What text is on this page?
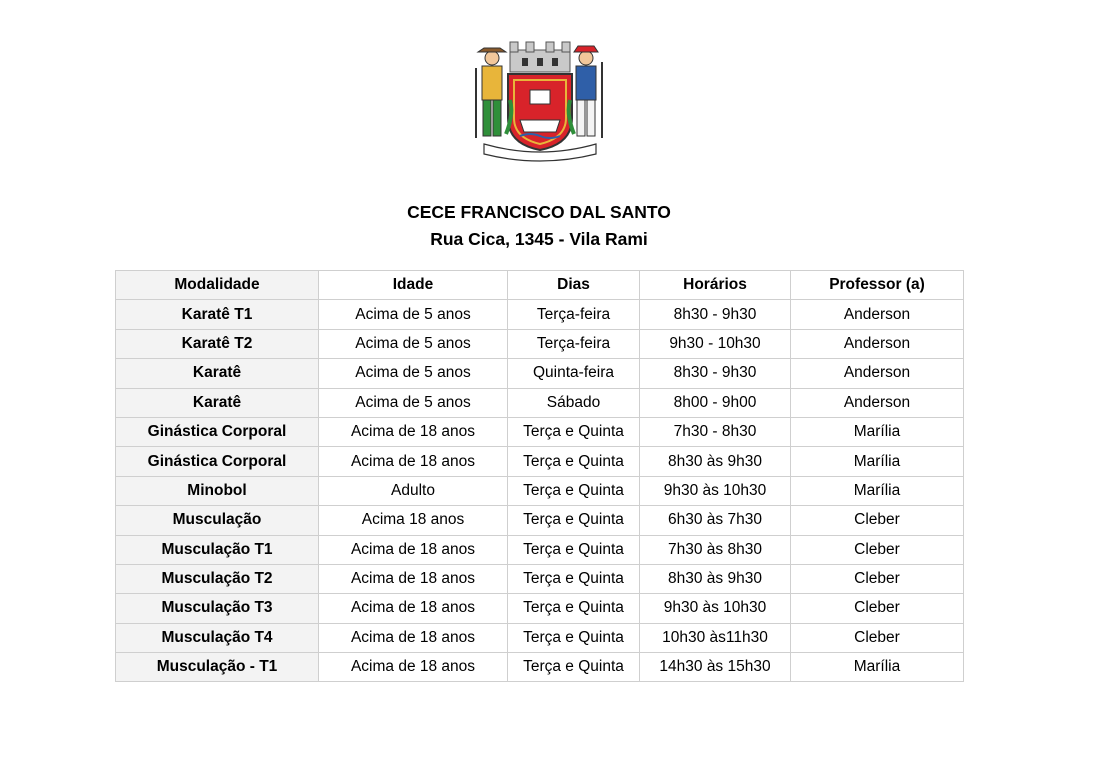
CECE FRANCISCO DAL SANTO

Rua Cica, 1345 - Vila Rami

Modalidade	Idade	Dias	Horários	Professor (a)
Karatê T1	Acima de 5 anos	Terça-feira	8h30 - 9h30	Anderson
Karatê T2	Acima de 5 anos	Terça-feira	9h30 - 10h30	Anderson
Karatê	Acima de 5 anos	Quinta-feira	8h30 - 9h30	Anderson
Karatê	Acima de 5 anos	Sábado	8h00 - 9h00	Anderson
Ginástica Corporal	Acima de 18 anos	Terça e Quinta	7h30 - 8h30	Marília
Ginástica Corporal	Acima de 18 anos	Terça e Quinta	8h30 às 9h30	Marília
Minobol	Adulto	Terça e Quinta	9h30 às 10h30	Marília
Musculação	Acima 18 anos	Terça e Quinta	6h30 às 7h30	Cleber
Musculação T1	Acima de 18 anos	Terça e Quinta	7h30 às 8h30	Cleber
Musculação T2	Acima de 18 anos	Terça e Quinta	8h30 às 9h30	Cleber
Musculação T3	Acima de 18 anos	Terça e Quinta	9h30 às 10h30	Cleber
Musculação T4	Acima de 18 anos	Terça e Quinta	10h30 às11h30	Cleber
Musculação - T1	Acima de 18 anos	Terça e Quinta	14h30 às 15h30	Marília
